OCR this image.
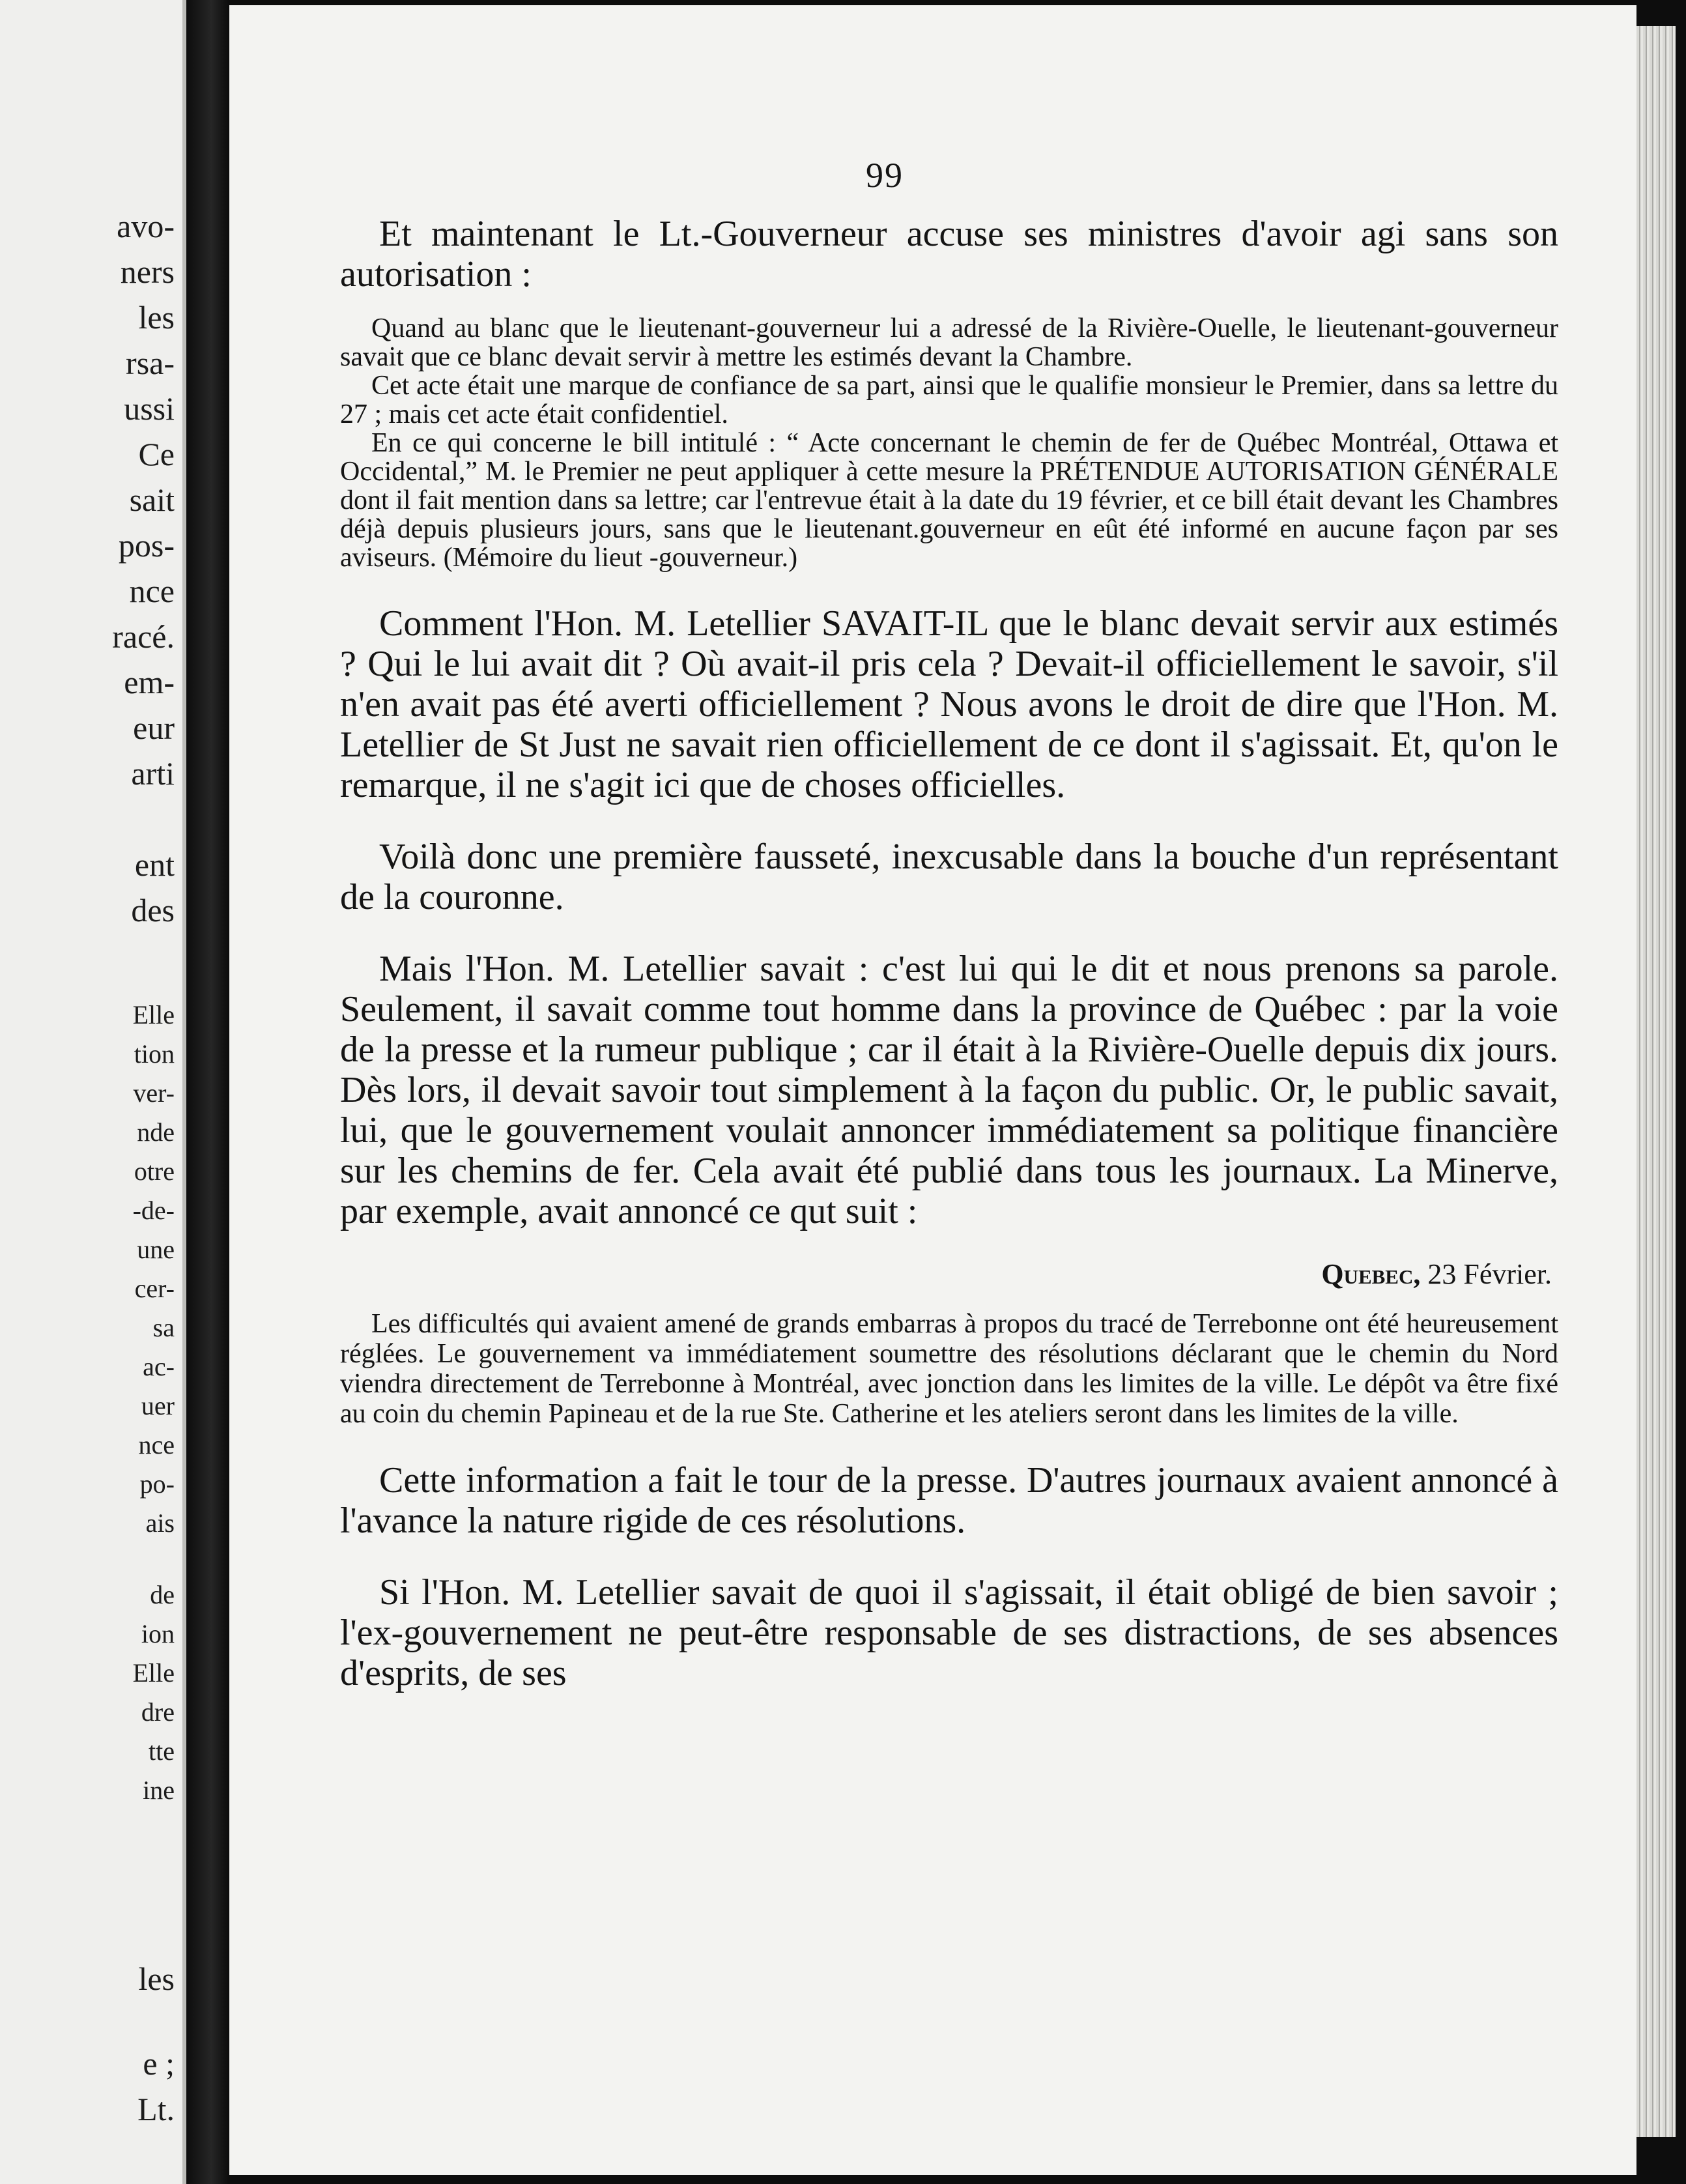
avo-
ners
les
rsa-
ussi
Ce
sait
pos-
nce
racé.
em-
eur
arti
ent
des
Elle
tion
ver-
nde
otre
-de-
une
cer-
sa
ac-
uer
nce
po-
ais
de
ion
Elle
dre
tte
ine
les
e ;
Lt.
99

Et maintenant le Lt.-Gouverneur accuse ses ministres d'avoir agi sans son autorisation :

Quand au blanc que le lieutenant-gouverneur lui a adressé de la Rivière-Ouelle, le lieutenant-gouverneur savait que ce blanc devait servir à mettre les estimés devant la Chambre.

Cet acte était une marque de confiance de sa part, ainsi que le qualifie monsieur le Premier, dans sa lettre du 27 ; mais cet acte était confidentiel.

En ce qui concerne le bill intitulé : “ Acte concernant le chemin de fer de Québec Montréal, Ottawa et Occidental,” M. le Premier ne peut appliquer à cette mesure la PRÉTENDUE AUTORISATION GÉNÉRALE dont il fait mention dans sa lettre; car l'entrevue était à la date du 19 février, et ce bill était devant les Chambres déjà depuis plusieurs jours, sans que le lieutenant.gouverneur en eût été informé en aucune façon par ses aviseurs. (Mémoire du lieut -gouverneur.)

Comment l'Hon. M. Letellier SAVAIT-IL que le blanc devait servir aux estimés ? Qui le lui avait dit ? Où avait-il pris cela ? Devait-il officiellement le savoir, s'il n'en avait pas été averti officiellement ? Nous avons le droit de dire que l'Hon. M. Letellier de St Just ne savait rien officiellement de ce dont il s'agissait. Et, qu'on le remarque, il ne s'agit ici que de choses officielles.

Voilà donc une première fausseté, inexcusable dans la bouche d'un représentant de la couronne.

Mais l'Hon. M. Letellier savait : c'est lui qui le dit et nous prenons sa parole. Seulement, il savait comme tout homme dans la province de Québec : par la voie de la presse et la rumeur publique ; car il était à la Rivière-Ouelle depuis dix jours. Dès lors, il devait savoir tout simplement à la façon du public. Or, le public savait, lui, que le gouvernement voulait annoncer immédiatement sa politique financière sur les chemins de fer. Cela avait été publié dans tous les journaux. La Minerve, par exemple, avait annoncé ce qut suit :

Quebec, 23 Février.

Les difficultés qui avaient amené de grands embarras à propos du tracé de Terrebonne ont été heureusement réglées. Le gouvernement va immédiatement soumettre des résolutions déclarant que le chemin du Nord viendra directement de Terrebonne à Montréal, avec jonction dans les limites de la ville. Le dépôt va être fixé au coin du chemin Papineau et de la rue Ste. Catherine et les ateliers seront dans les limites de la ville.

Cette information a fait le tour de la presse. D'autres journaux avaient annoncé à l'avance la nature rigide de ces résolutions.

Si l'Hon. M. Letellier savait de quoi il s'agissait, il était obligé de bien savoir ; l'ex-gouvernement ne peut-être responsable de ses distractions, de ses absences d'esprits, de ses
